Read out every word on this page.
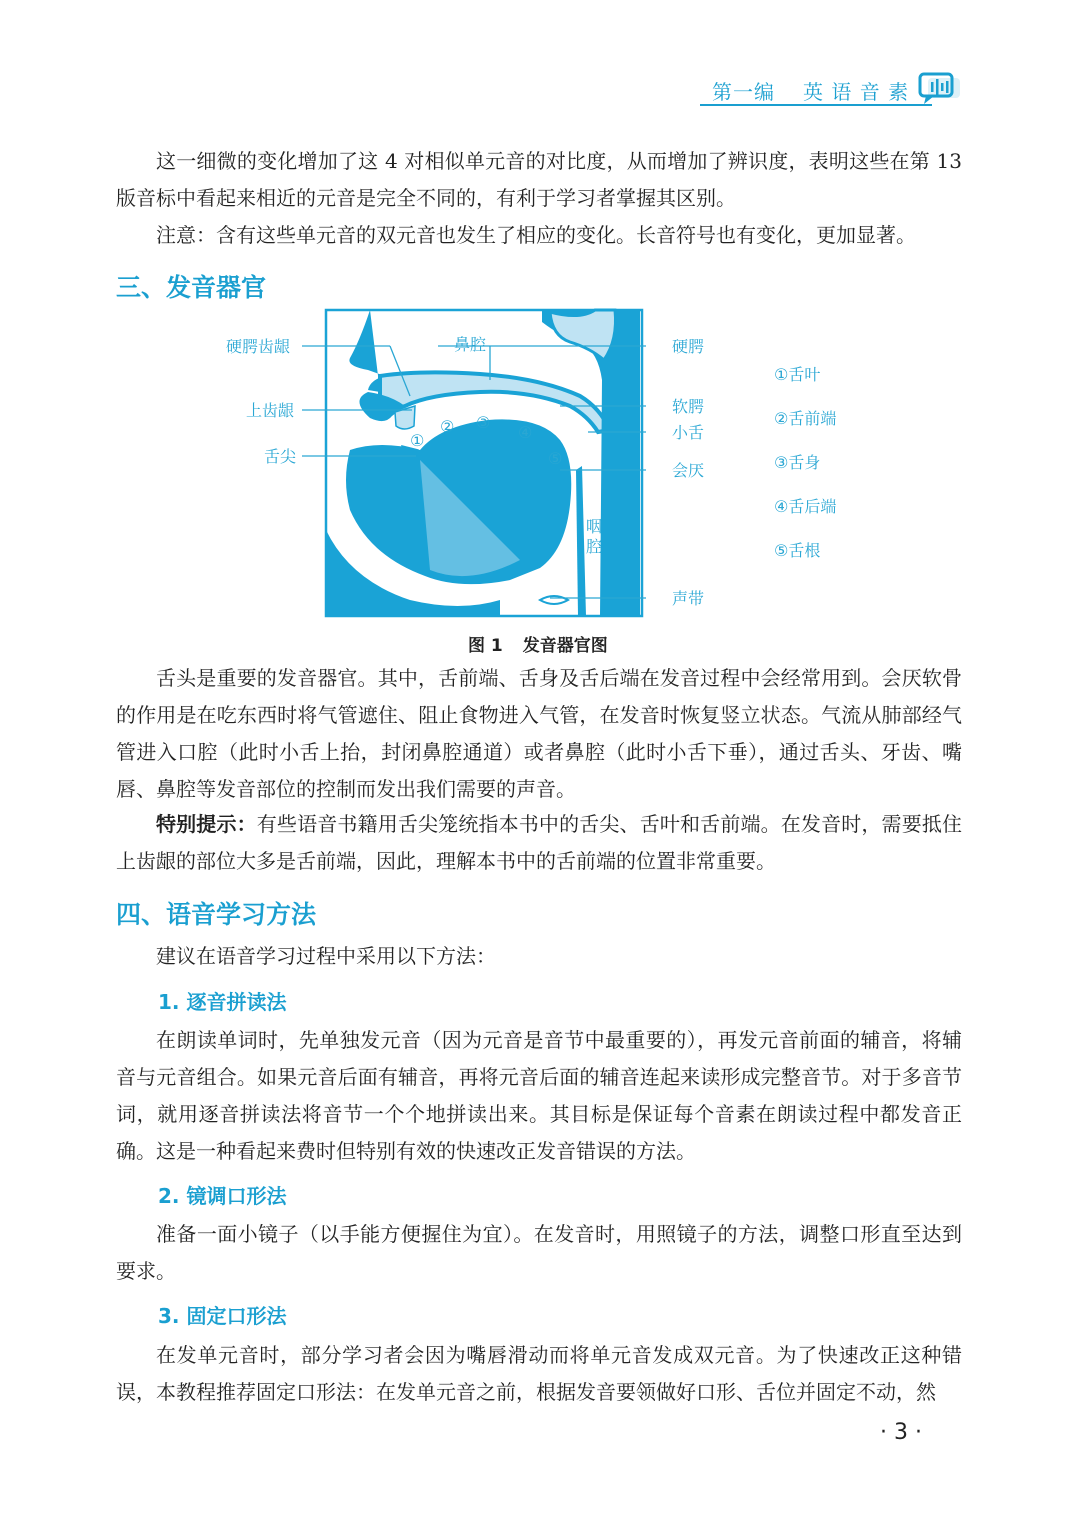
第一编 英 语 音 素

这一细微的变化增加了这 4 对相似单元音的对比度，从而增加了辨识度，表明这些在第 13 版音标中看起来相近的元音是完全不同的，有利于学习者掌握其区别。

注意：含有这些单元音的双元音也发生了相应的变化。长音符号也有变化，更加显著。

三、发音器官
硬腭齿龈
上齿龈
舌尖
鼻腔	硬腭
软腭
小舌
会厌
声带
咽
腔
①
② ③
④
⑤
①舌叶
②舌前端
③舌身
④舌后端
⑤舌根
图 1 发音器官图

舌头是重要的发音器官。其中，舌前端、舌身及舌后端在发音过程中会经常用到。会厌软骨的作用是在吃东西时将气管遮住、阻止食物进入气管，在发音时恢复竖立状态。气流从肺部经气管进入口腔（此时小舌上抬，封闭鼻腔通道）或者鼻腔（此时小舌下垂），通过舌头、牙齿、嘴唇、鼻腔等发音部位的控制而发出我们需要的声音。

特别提示：有些语音书籍用舌尖笼统指本书中的舌尖、舌叶和舌前端。在发音时，需要抵住上齿龈的部位大多是舌前端，因此，理解本书中的舌前端的位置非常重要。

四、语音学习方法

建议在语音学习过程中采用以下方法：

1. 逐音拼读法

在朗读单词时，先单独发元音（因为元音是音节中最重要的），再发元音前面的辅音，将辅音与元音组合。如果元音后面有辅音，再将元音后面的辅音连起来读形成完整音节。对于多音节词，就用逐音拼读法将音节一个个地拼读出来。其目标是保证每个音素在朗读过程中都发音正确。这是一种看起来费时但特别有效的快速改正发音错误的方法。

2. 镜调口形法

准备一面小镜子（以手能方便握住为宜）。在发音时，用照镜子的方法，调整口形直至达到要求。

3. 固定口形法

在发单元音时，部分学习者会因为嘴唇滑动而将单元音发成双元音。为了快速改正这种错误，本教程推荐固定口形法：在发单元音之前，根据发音要领做好口形、舌位并固定不动，然

· 3 ·
